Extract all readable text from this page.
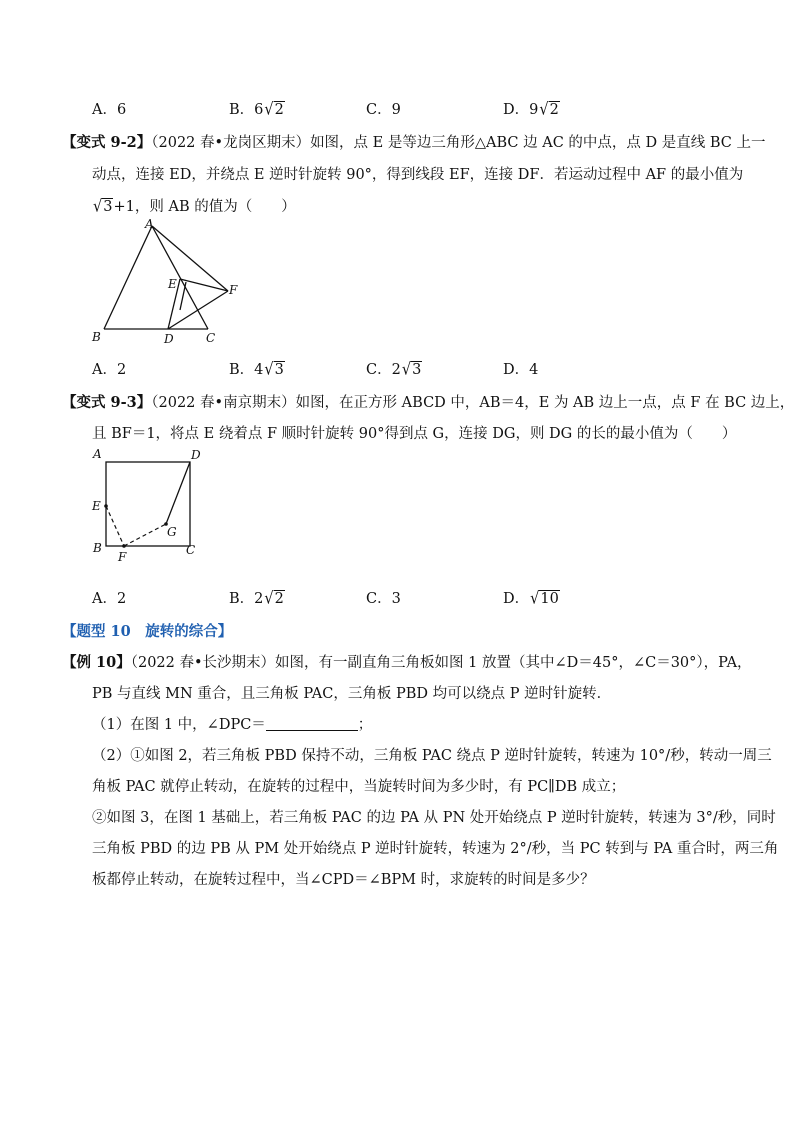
A．6	B．6√2	C．9	D．9√2
【变式 9-2】（2022 春•龙岗区期末）如图，点 E 是等边三角形△ABC 边 AC 的中点，点 D 是直线 BC 上一
动点，连接 ED，并绕点 E 逆时针旋转 90°，得到线段 EF，连接 DF．若运动过程中 AF 的最小值为
√3+1，则 AB 的值为（　　）
A
B	C
D
E	F
A．2	B．4√3	C．2√3	D．4
【变式 9-3】（2022 春•南京期末）如图，在正方形 ABCD 中，AB＝4，E 为 AB 边上一点，点 F 在 BC 边上，
且 BF＝1，将点 E 绕着点 F 顺时针旋转 90°得到点 G，连接 DG，则 DG 的长的最小值为（　　）
A
B	C
D
E
F
G
A．2	B．2√2	C．3	D．√10
【题型 10　旋转的综合】
【例 10】（2022 春•长沙期末）如图，有一副直角三角板如图 1 放置（其中∠D＝45°，∠C＝30°），PA，
PB 与直线 MN 重合，且三角板 PAC，三角板 PBD 均可以绕点 P 逆时针旋转．
（1）在图 1 中，∠DPC＝	；
（2）①如图 2，若三角板 PBD 保持不动，三角板 PAC 绕点 P 逆时针旋转，转速为 10°/秒，转动一周三
角板 PAC 就停止转动，在旋转的过程中，当旋转时间为多少时，有 PC∥DB 成立；
②如图 3，在图 1 基础上，若三角板 PAC 的边 PA 从 PN 处开始绕点 P 逆时针旋转，转速为 3°/秒，同时
三角板 PBD 的边 PB 从 PM 处开始绕点 P 逆时针旋转，转速为 2°/秒，当 PC 转到与 PA 重合时，两三角
板都停止转动，在旋转过程中，当∠CPD＝∠BPM 时，求旋转的时间是多少？
